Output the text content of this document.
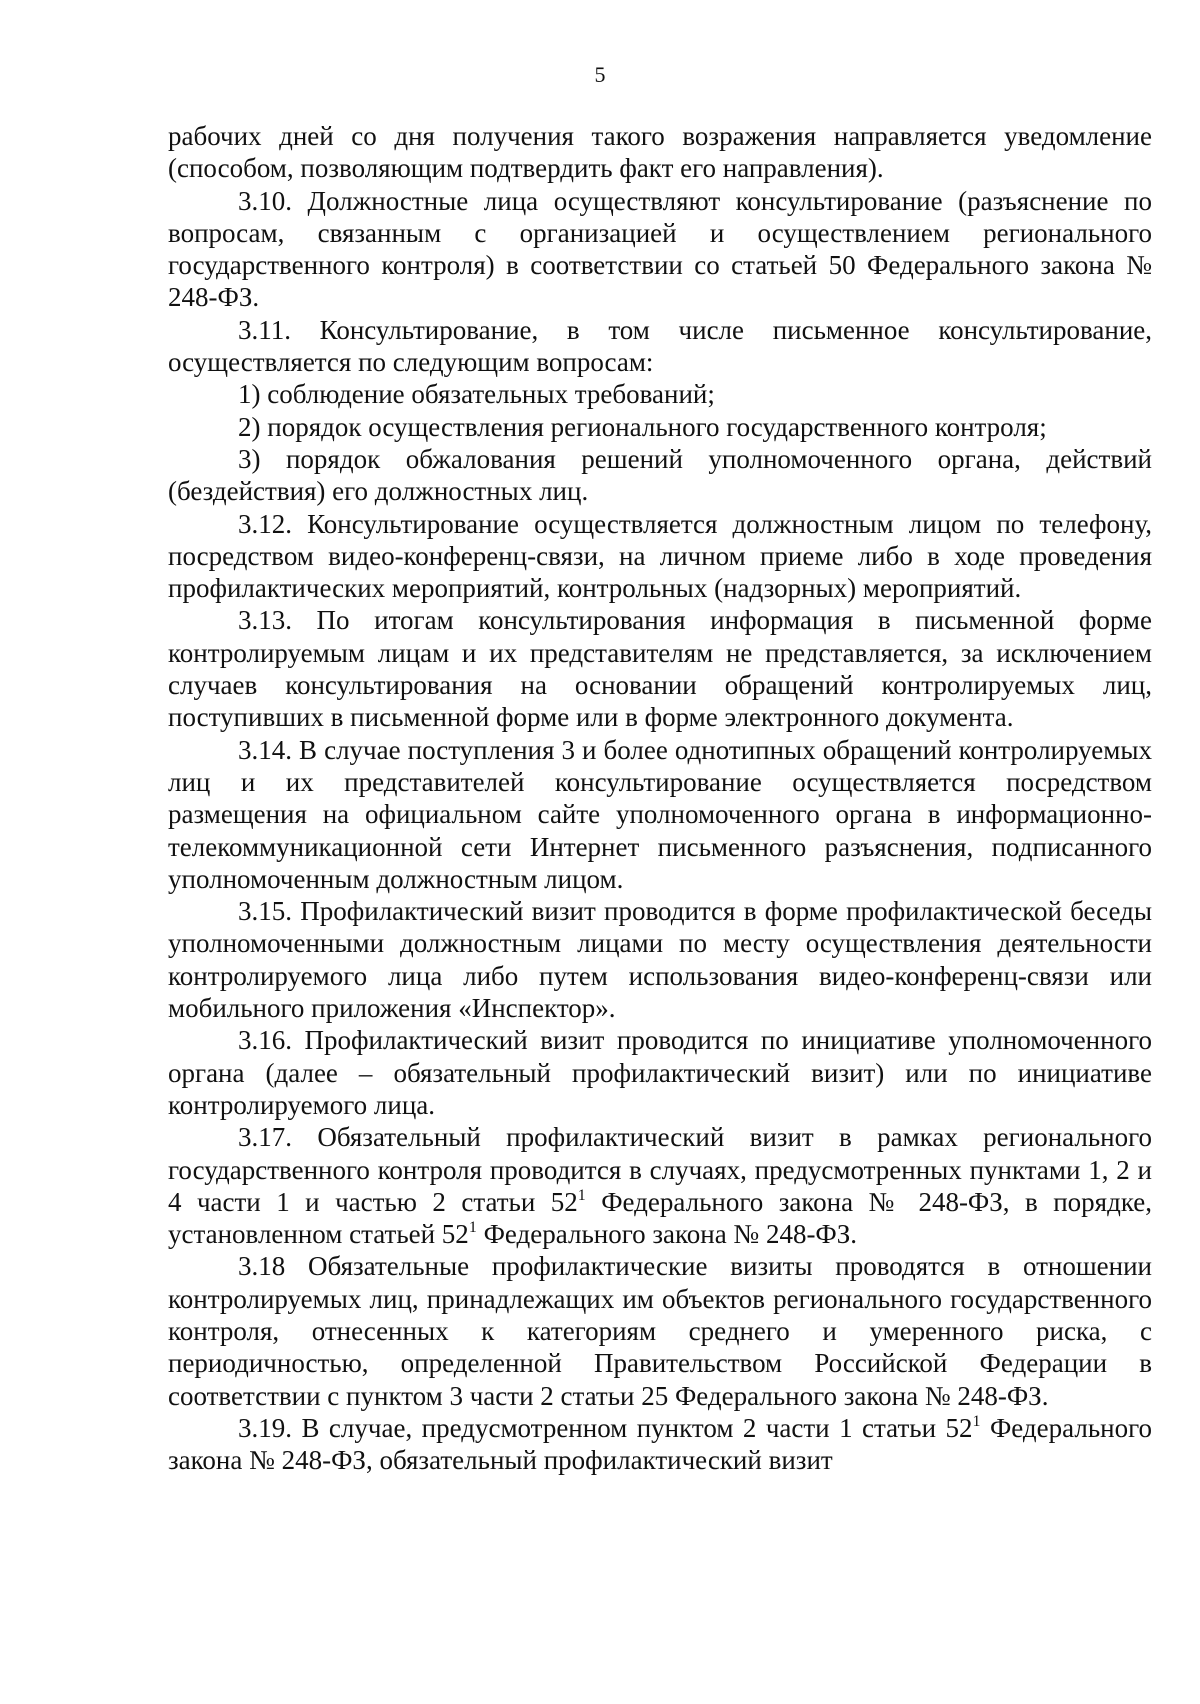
5

рабочих дней со дня получения такого возражения направляется уведомление (способом, позволяющим подтвердить факт его направления).

3.10. Должностные лица осуществляют консультирование (разъяснение по вопросам, связанным с организацией и осуществлением регионального государственного контроля) в соответствии со статьей 50 Федерального закона № 248-ФЗ.

3.11. Консультирование, в том числе письменное консультирование, осуществляется по следующим вопросам:

1) соблюдение обязательных требований;

2) порядок осуществления регионального государственного контроля;

3) порядок обжалования решений уполномоченного органа, действий (бездействия) его должностных лиц.

3.12. Консультирование осуществляется должностным лицом по телефону, посредством видео-конференц-связи, на личном приеме либо в ходе проведения профилактических мероприятий, контрольных (надзорных) мероприятий.

3.13. По итогам консультирования информация в письменной форме контролируемым лицам и их представителям не представляется, за исключением случаев консультирования на основании обращений контролируемых лиц, поступивших в письменной форме или в форме электронного документа.

3.14. В случае поступления 3 и более однотипных обращений контролируемых лиц и их представителей консультирование осуществляется посредством размещения на официальном сайте уполномоченного органа в информационно-телекоммуникационной сети Интернет письменного разъяснения, подписанного уполномоченным должностным лицом.

3.15. Профилактический визит проводится в форме профилактической беседы уполномоченными должностным лицами по месту осуществления деятельности контролируемого лица либо путем использования видео-конференц-связи или мобильного приложения «Инспектор».

3.16. Профилактический визит проводится по инициативе уполномоченного органа (далее – обязательный профилактический визит) или по инициативе контролируемого лица.

3.17. Обязательный профилактический визит в рамках регионального государственного контроля проводится в случаях, предусмотренных пунктами 1, 2 и 4 части 1 и частью 2 статьи $52^1$ Федерального закона № 248-ФЗ, в порядке, установленном статьей $52^1$ Федерального закона № 248-ФЗ.

3.18 Обязательные профилактические визиты проводятся в отношении контролируемых лиц, принадлежащих им объектов регионального государственного контроля, отнесенных к категориям среднего и умеренного риска, с периодичностью, определенной Правительством Российской Федерации в соответствии с пунктом 3 части 2 статьи 25 Федерального закона № 248-ФЗ.

3.19. В случае, предусмотренном пунктом 2 части 1 статьи $52^1$ Федерального закона № 248-ФЗ, обязательный профилактический визит
